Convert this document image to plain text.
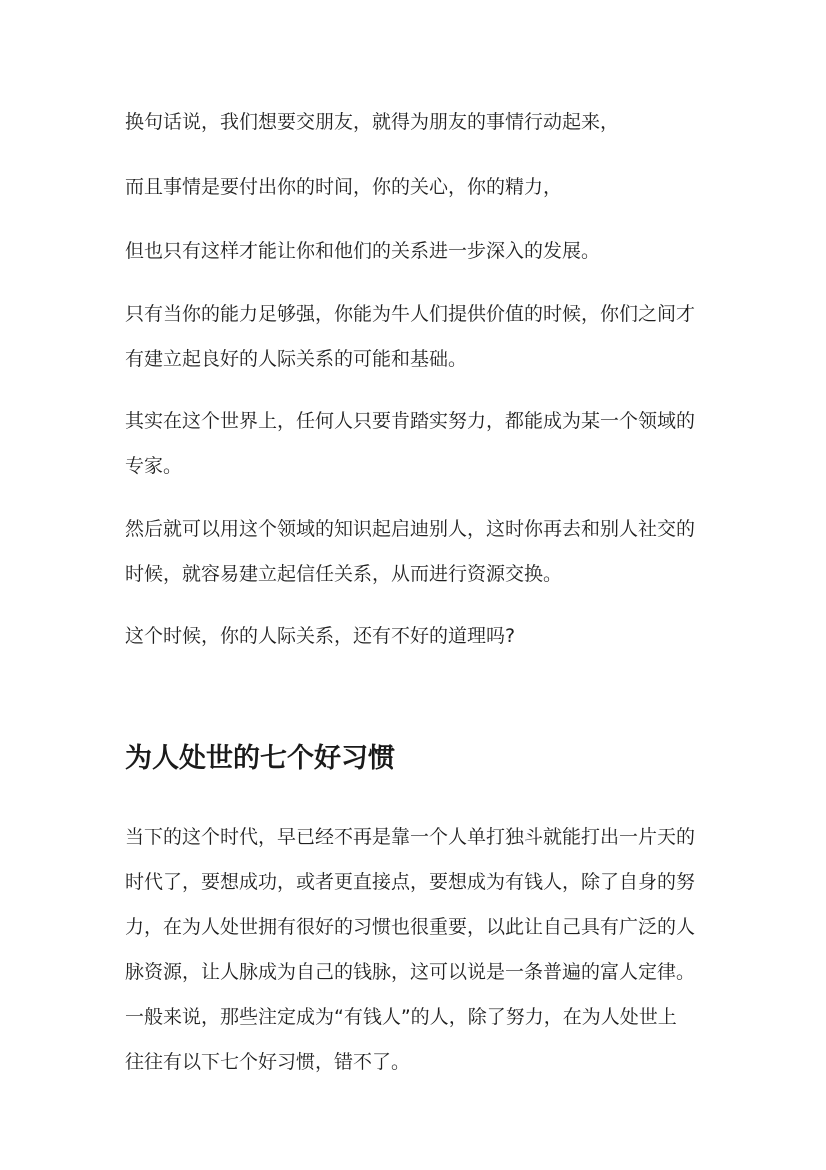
换句话说，我们想要交朋友，就得为朋友的事情行动起来，

而且事情是要付出你的时间，你的关心，你的精力，

但也只有这样才能让你和他们的关系进一步深入的发展。

只有当你的能力足够强，你能为牛人们提供价值的时候，你们之间才
有建立起良好的人际关系的可能和基础。

其实在这个世界上，任何人只要肯踏实努力，都能成为某一个领域的
专家。

然后就可以用这个领域的知识起启迪别人，这时你再去和别人社交的
时候，就容易建立起信任关系，从而进行资源交换。

这个时候，你的人际关系，还有不好的道理吗?

为人处世的七个好习惯

当下的这个时代，早已经不再是靠一个人单打独斗就能打出一片天的
时代了，要想成功，或者更直接点，要想成为有钱人，除了自身的努
力，在为人处世拥有很好的习惯也很重要，以此让自己具有广泛的人
脉资源，让人脉成为自己的钱脉，这可以说是一条普遍的富人定律。
一般来说，那些注定成为“有钱人”的人，除了努力，在为人处世上
往往有以下七个好习惯，错不了。
